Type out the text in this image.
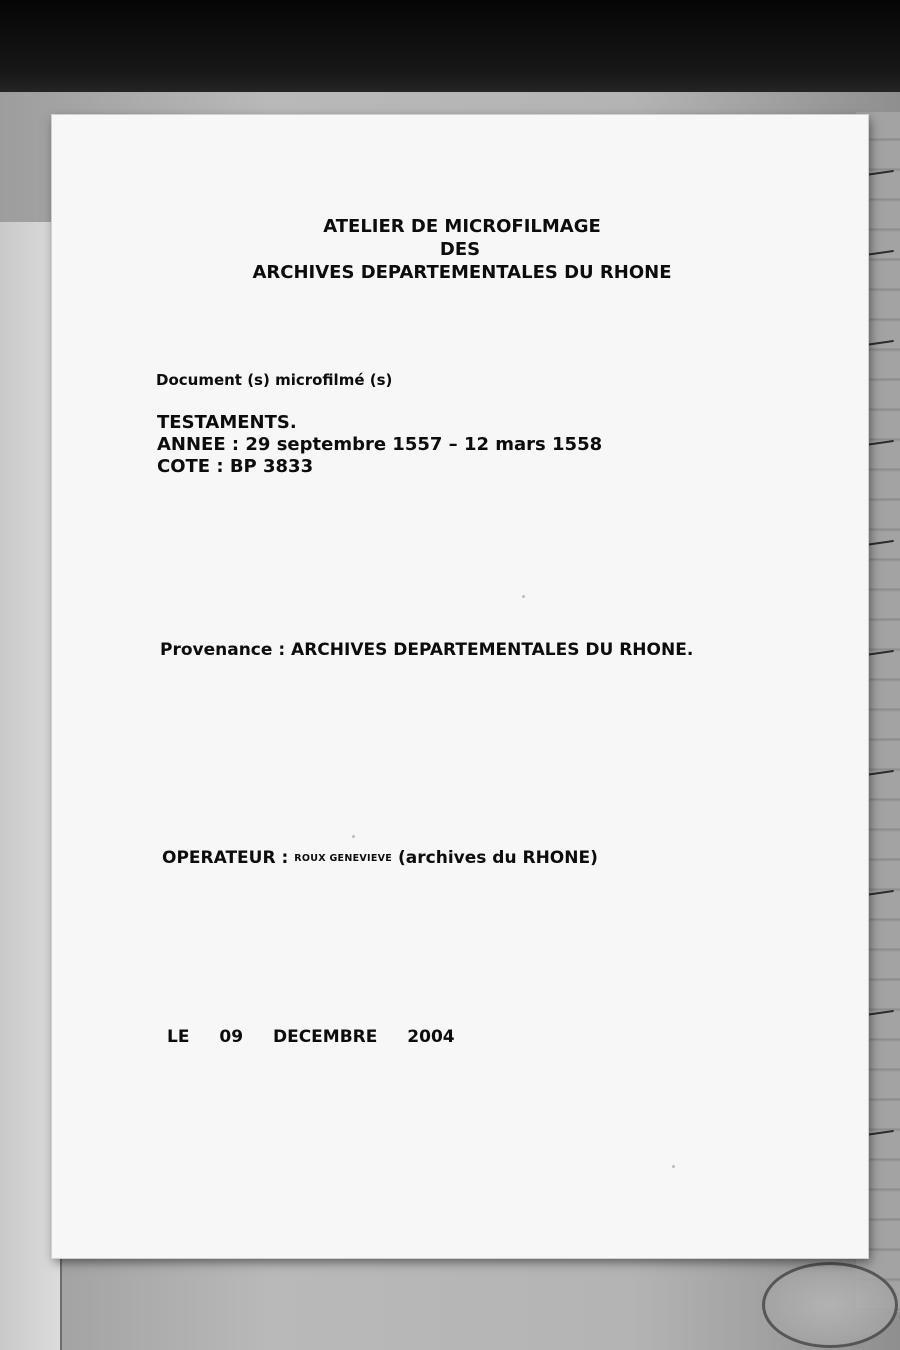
ATELIER DE MICROFILMAGE
DES
ARCHIVES DEPARTEMENTALES DU RHONE
Document (s) microfilmé (s)
TESTAMENTS.
ANNEE : 29 septembre 1557 – 12 mars 1558
COTE : BP 3833
Provenance : ARCHIVES DEPARTEMENTALES DU RHONE.
OPERATEUR : ROUX GENEVIEVE (archives du RHONE)
LE 09 DECEMBRE 2004
